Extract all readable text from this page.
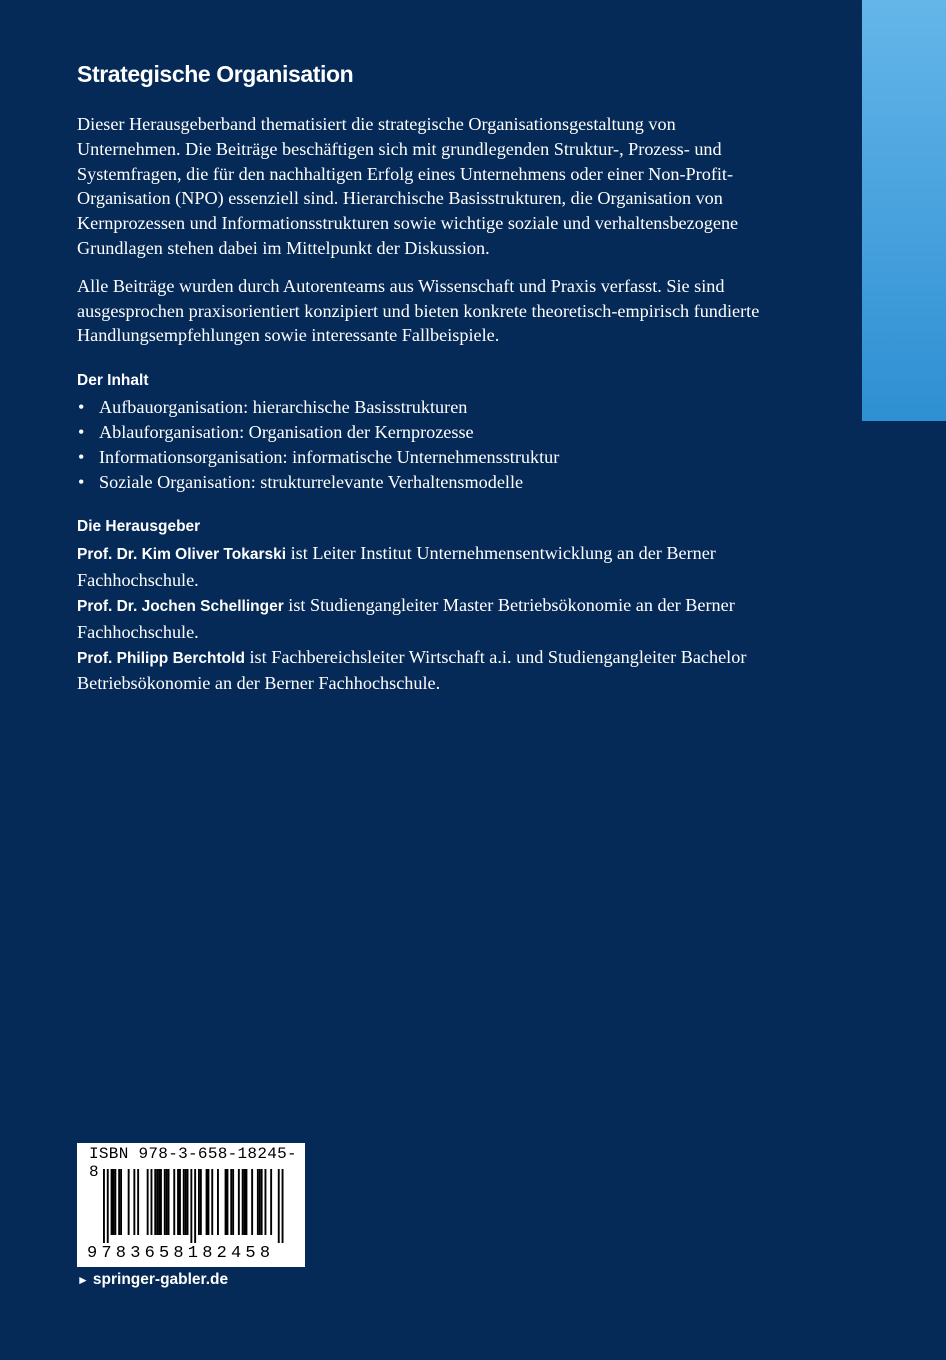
Strategische Organisation

Dieser Herausgeberband thematisiert die strategische Organisationsgestaltung von Unternehmen. Die Beiträge beschäftigen sich mit grundlegenden Struktur-, Prozess- und Systemfragen, die für den nachhaltigen Erfolg eines Unternehmens oder einer Non-Profit-Organisation (NPO) essenziell sind. Hierarchische Basisstrukturen, die Organisation von Kernprozessen und Informationsstrukturen sowie wichtige soziale und verhaltensbezogene Grundlagen stehen dabei im Mittelpunkt der Diskussion.

Alle Beiträge wurden durch Autorenteams aus Wissenschaft und Praxis verfasst. Sie sind ausgesprochen praxisorientiert konzipiert und bieten konkrete theoretisch-empirisch fundierte Handlungsempfehlungen sowie interessante Fallbeispiele.

Der Inhalt
• Aufbauorganisation: hierarchische Basisstrukturen
• Ablauforganisation: Organisation der Kernprozesse
• Informationsorganisation: informatische Unternehmensstruktur
• Soziale Organisation: strukturrelevante Verhaltensmodelle
Die Herausgeber

Prof. Dr. Kim Oliver Tokarski ist Leiter Institut Unternehmensentwicklung an der Berner Fachhochschule.

Prof. Dr. Jochen Schellinger ist Studiengangleiter Master Betriebsökonomie an der Berner Fachhochschule.

Prof. Philipp Berchtold ist Fachbereichsleiter Wirtschaft a.i. und Studiengangleiter Bachelor Betriebsökonomie an der Berner Fachhochschule.

ISBN 978-3-658-18245-8
9783658182458
► springer-gabler.de
